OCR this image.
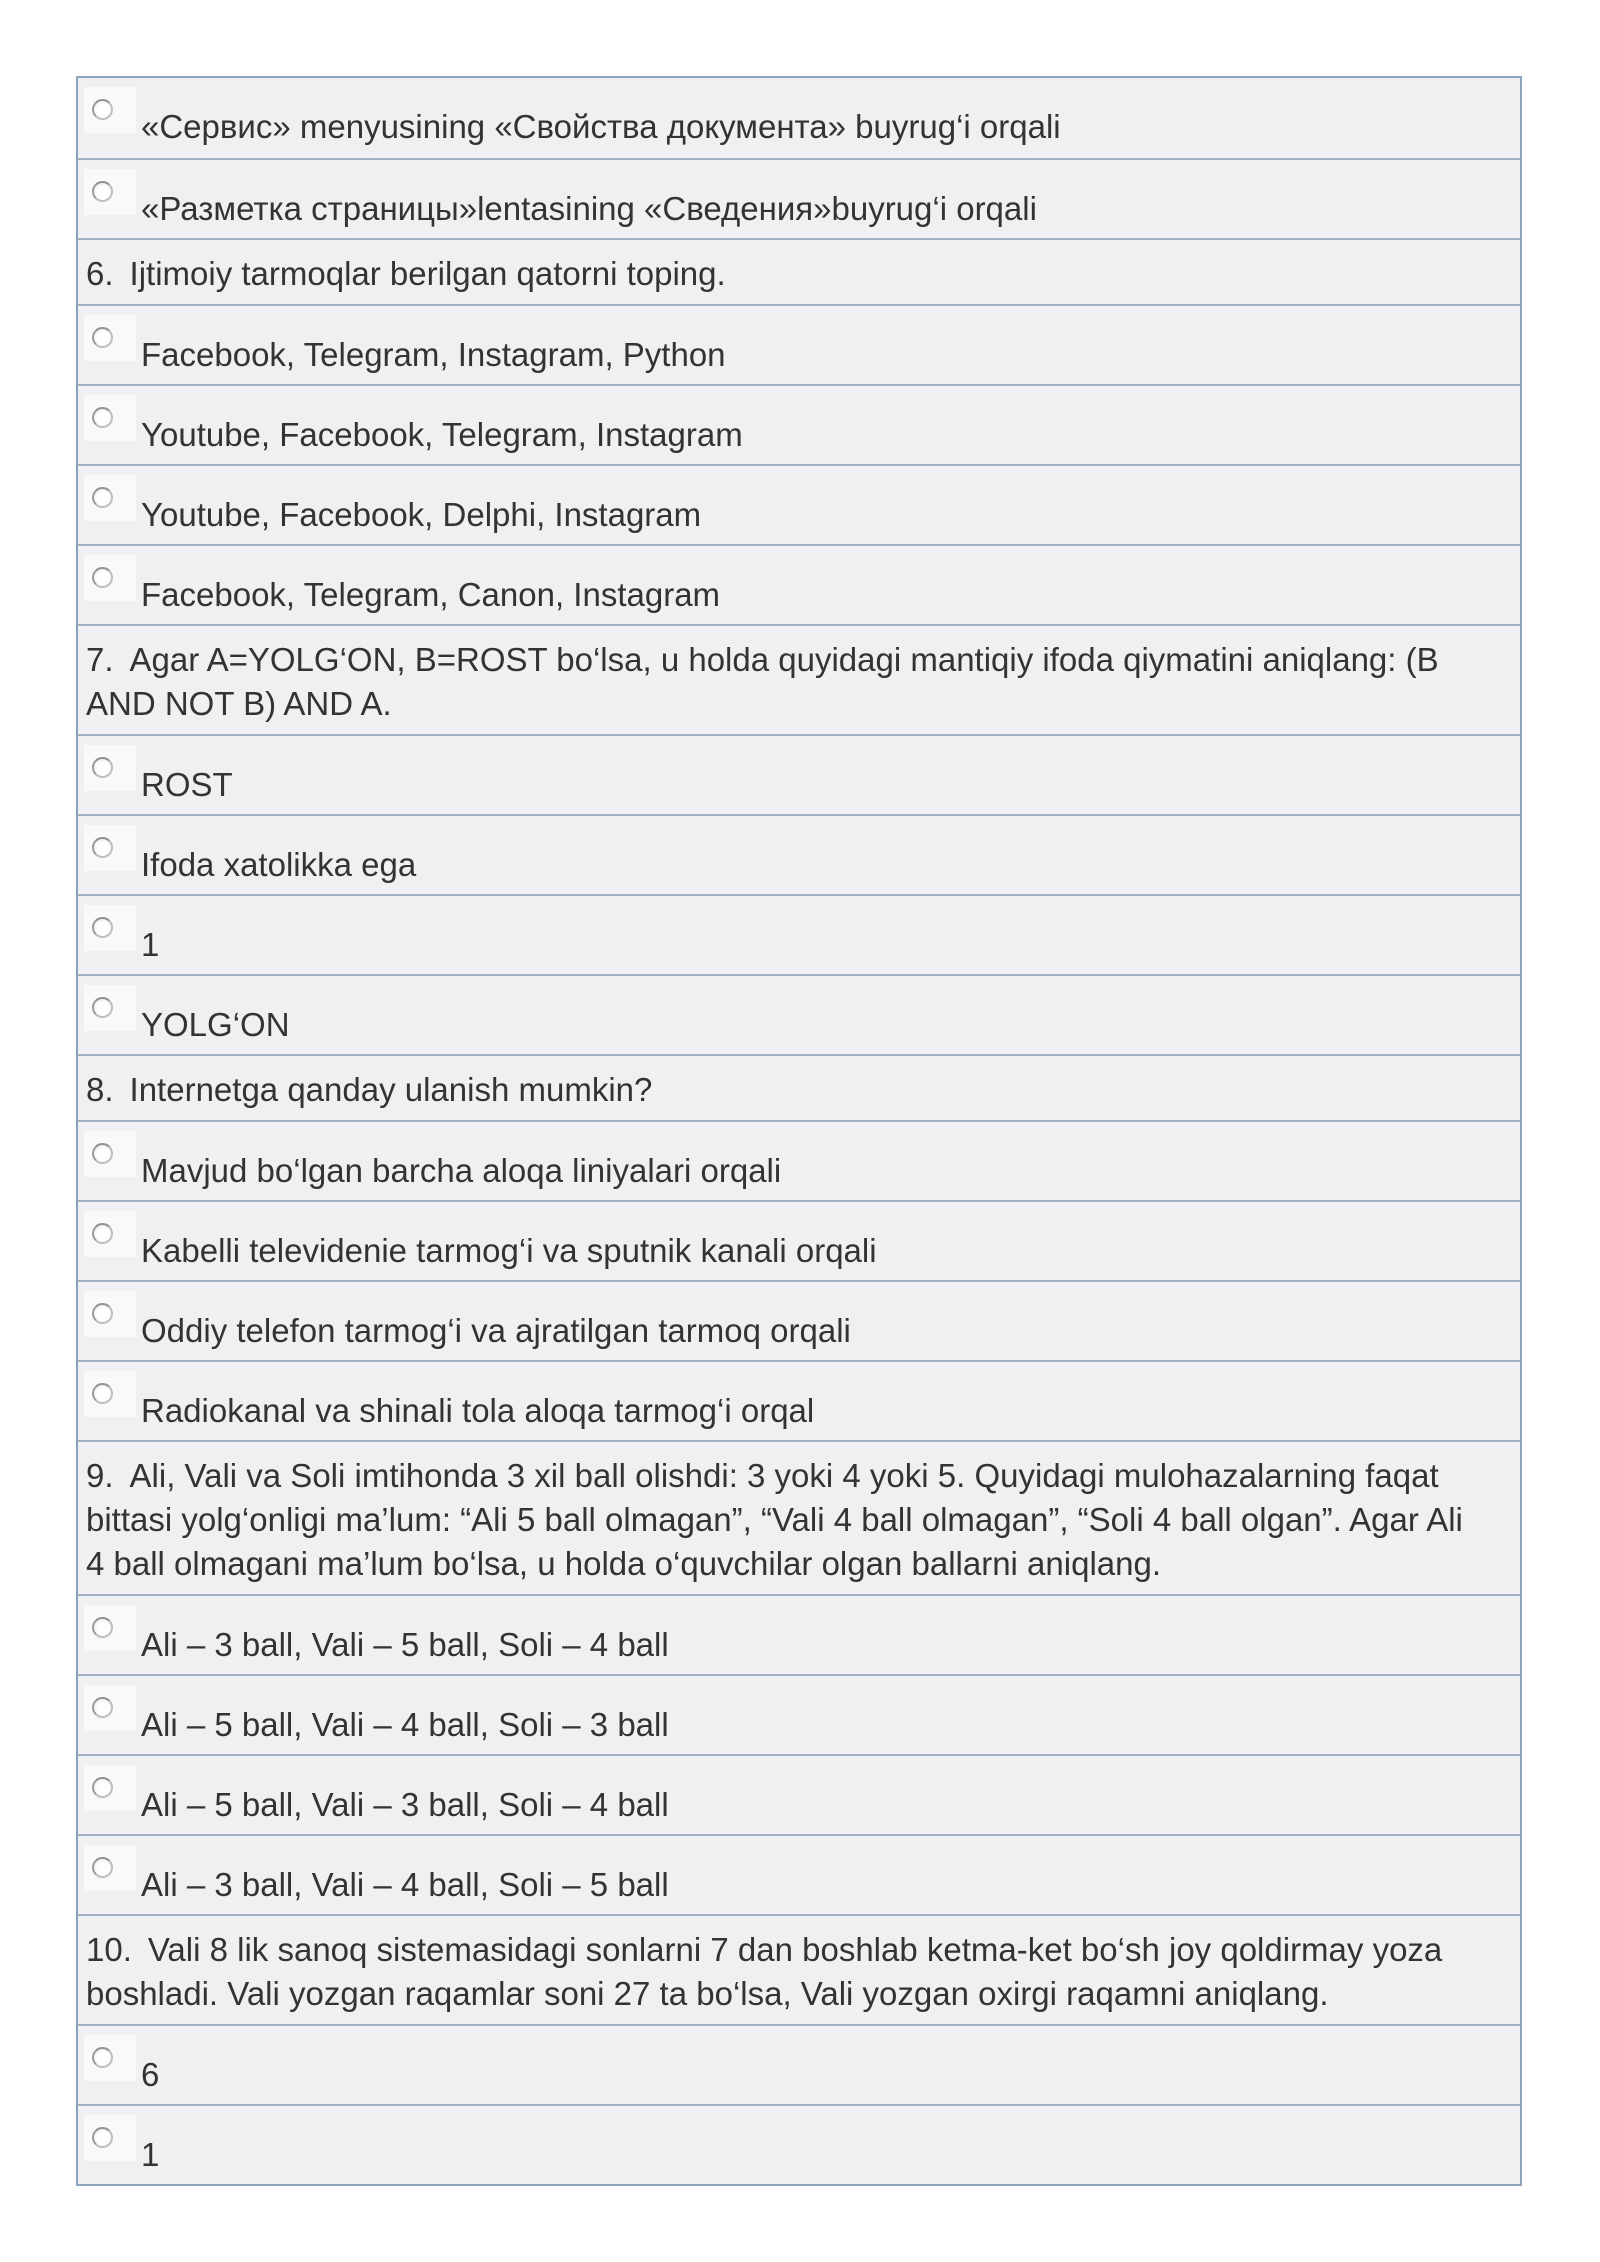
«Сервис» menyusining «Свойства документа» buyrug‘i orqali
«Разметка страницы»lentasining «Сведения»buyrug‘i orqali
6. Ijtimoiy tarmoqlar berilgan qatorni toping.
Facebook, Telegram, Instagram, Python
Youtube, Facebook, Telegram, Instagram
Youtube, Facebook, Delphi, Instagram
Facebook, Telegram, Canon, Instagram
7. Agar A=YOLG‘ON, B=ROST bo‘lsa, u holda quyidagi mantiqiy ifoda qiymatini aniqlang: (B
AND NOT B) AND A.
ROST
Ifoda xatolikka ega
1
YOLG‘ON
8. Internetga qanday ulanish mumkin?
Mavjud bo‘lgan barcha aloqa liniyalari orqali
Kabelli televidenie tarmog‘i va sputnik kanali orqali
Oddiy telefon tarmog‘i va ajratilgan tarmoq orqali
Radiokanal va shinali tola aloqa tarmog‘i orqal
9. Ali, Vali va Soli imtihonda 3 xil ball olishdi: 3 yoki 4 yoki 5. Quyidagi mulohazalarning faqat
bittasi yolg‘onligi ma’lum: “Ali 5 ball olmagan”, “Vali 4 ball olmagan”, “Soli 4 ball olgan”. Agar Ali
4 ball olmagani ma’lum bo‘lsa, u holda o‘quvchilar olgan ballarni aniqlang.
Ali – 3 ball, Vali – 5 ball, Soli – 4 ball
Ali – 5 ball, Vali – 4 ball, Soli – 3 ball
Ali – 5 ball, Vali – 3 ball, Soli – 4 ball
Ali – 3 ball, Vali – 4 ball, Soli – 5 ball
10. Vali 8 lik sanoq sistemasidagi sonlarni 7 dan boshlab ketma-ket bo‘sh joy qoldirmay yoza
boshladi. Vali yozgan raqamlar soni 27 ta bo‘lsa, Vali yozgan oxirgi raqamni aniqlang.
6
1
